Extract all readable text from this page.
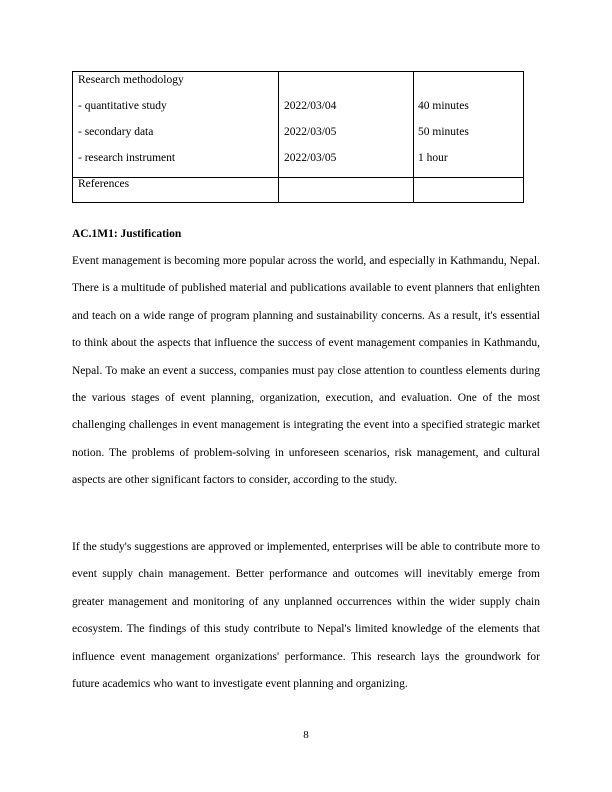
Research methodology
- quantitative study	2022/03/04	40 minutes
- secondary data	2022/03/05	50 minutes
- research instrument	2022/03/05	1 hour
References
AC.1M1: Justification

Event management is becoming more popular across the world, and especially in Kathmandu, Nepal. There is a multitude of published material and publications available to event planners that enlighten and teach on a wide range of program planning and sustainability concerns. As a result, it's essential to think about the aspects that influence the success of event management companies in Kathmandu, Nepal. To make an event a success, companies must pay close attention to countless elements during the various stages of event planning, organization, execution, and evaluation. One of the most challenging challenges in event management is integrating the event into a specified strategic market notion. The problems of problem-solving in unforeseen scenarios, risk management, and cultural aspects are other significant factors to consider, according to the study.

If the study's suggestions are approved or implemented, enterprises will be able to contribute more to event supply chain management. Better performance and outcomes will inevitably emerge from greater management and monitoring of any unplanned occurrences within the wider supply chain ecosystem. The findings of this study contribute to Nepal's limited knowledge of the elements that influence event management organizations' performance. This research lays the groundwork for future academics who want to investigate event planning and organizing.

8
